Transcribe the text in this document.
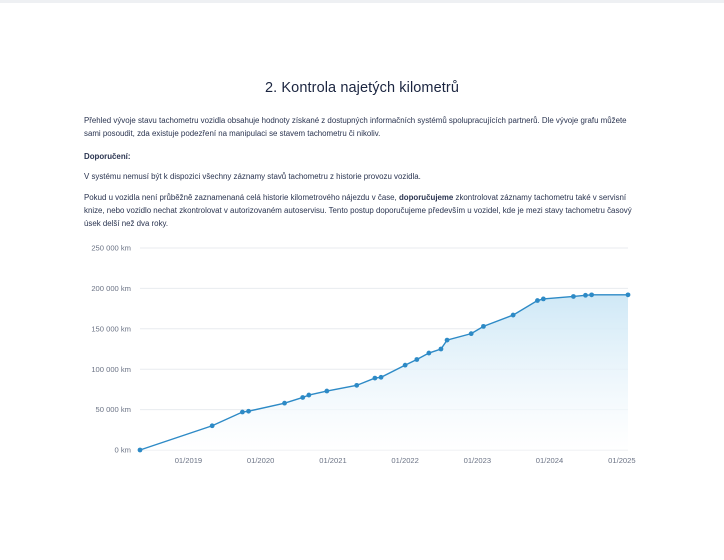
2. Kontrola najetých kilometrů

Přehled vývoje stavu tachometru vozidla obsahuje hodnoty získané z dostupných informačních systémů spolupracujících partnerů. Dle vývoje grafu můžete sami posoudit, zda existuje podezření na manipulaci se stavem tachometru či nikoliv.

Doporučení:

V systému nemusí být k dispozici všechny záznamy stavů tachometru z historie provozu vozidla.

Pokud u vozidla není průběžně zaznamenaná celá historie kilometrového nájezdu v čase, doporučujeme zkontrolovat záznamy tachometru také v servisní knize, nebo vozidlo nechat zkontrolovat v autorizovaném autoservisu. Tento postup doporučujeme především u vozidel, kde je mezi stavy tachometru časový úsek delší než dva roky.

0 km
50 000 km
100 000 km
150 000 km
200 000 km
250 000 km
01/2019	01/2020	01/2021	01/2022	01/2023	01/2024	01/2025
